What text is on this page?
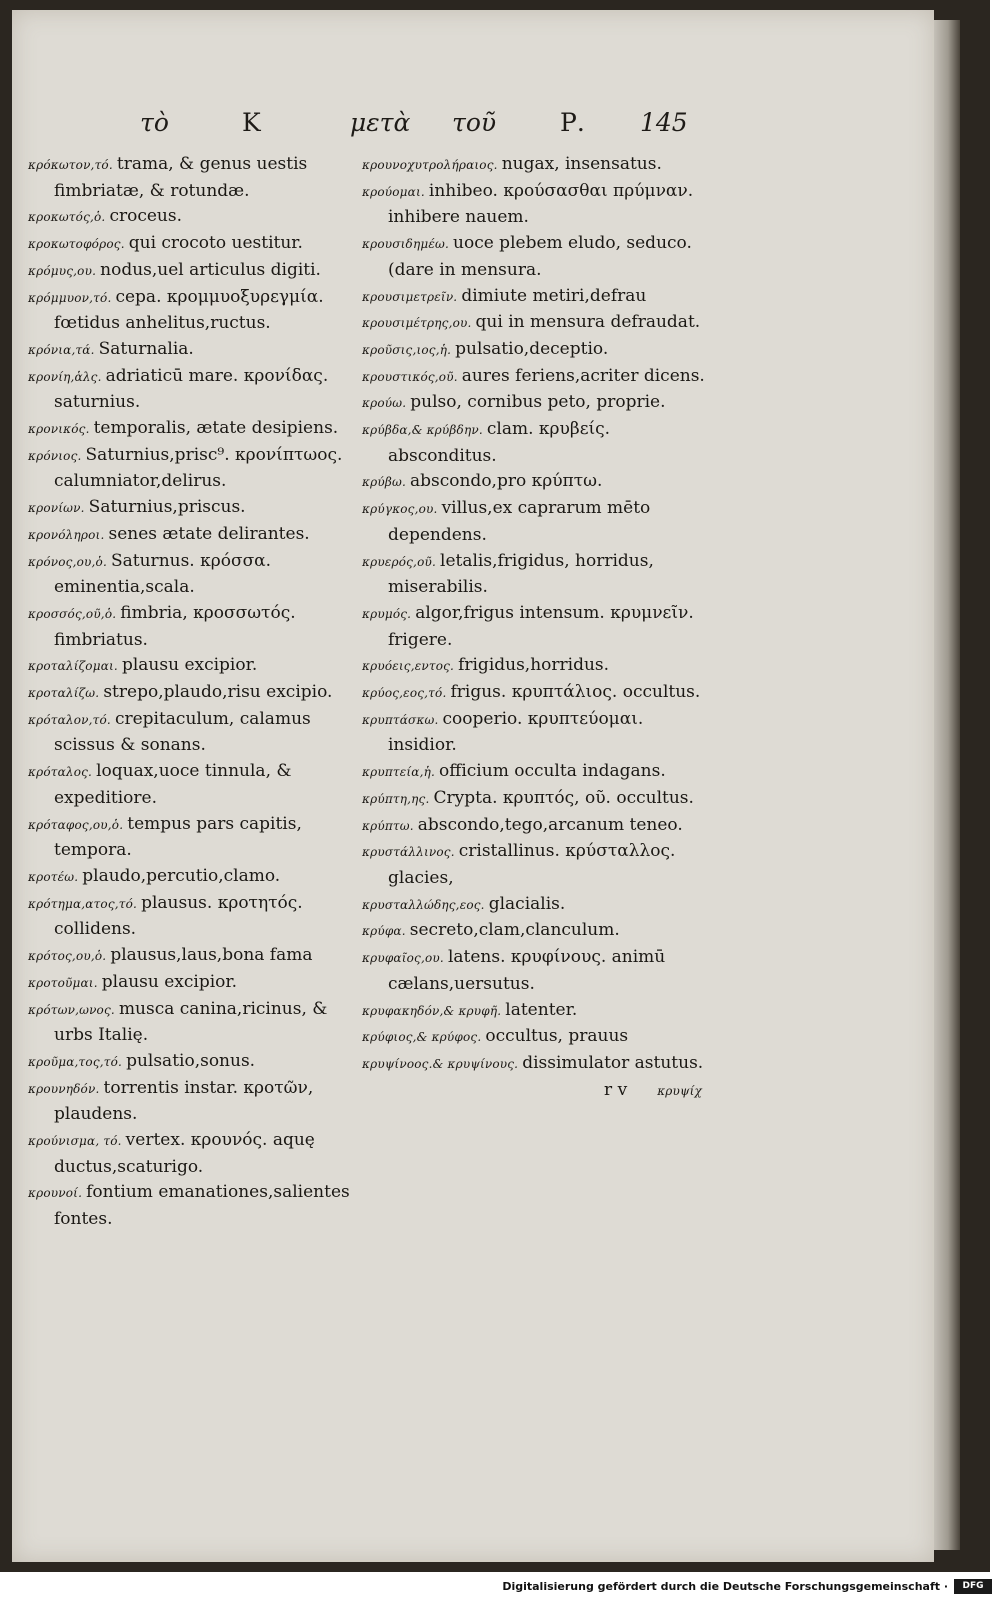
τὸ	Κ	μετὰ τοῦ	Ρ. 145

κρόκωτον,τό. trama, & genus uestis fimbriatæ, & rotundæ.

κροκωτός,ὁ. croceus.

κροκωτοφόρος. qui crocoto uestitur.

κρόμυς,ου. nodus,uel articulus digiti.

κρόμμυον,τό. cepa. κρομμυοξυρεγμία. fœtidus anhelitus,ructus.

κρόνια,τά. Saturnalia.

κρονίη,ἁλς. adriaticū mare. κρονίδας. saturnius.

κρονικός. temporalis, ætate desipiens.

κρόνιος. Saturnius,prisc⁹. κρονίπτωος. calumniator,delirus.

κρονίων. Saturnius,priscus.

κρονόληροι. senes ætate delirantes.

κρόνος,ου,ὁ. Saturnus. κρόσσα. eminentia,scala.

κροσσός,οῦ,ὁ. fimbria, κροσσωτός. fimbriatus.

κροταλίζομαι. plausu excipior.

κροταλίζω. strepo,plaudo,risu excipio.

κρόταλον,τό. crepitaculum, calamus scissus & sonans.

κρόταλος. loquax,uoce tinnula, & expeditiore.

κρόταφος,ου,ὁ. tempus pars capitis, tempora.

κροτέω. plaudo,percutio,clamo.

κρότημα,ατος,τό. plausus. κροτητός. collidens.

κρότος,ου,ὁ. plausus,laus,bona fama

κροτοῦμαι. plausu excipior.

κρότων,ωνος. musca canina,ricinus, & urbs Italię.

κροῦμα,τος,τό. pulsatio,sonus.

κρουνηδόν. torrentis instar. κροτῶν, plaudens.

κρούνισμα, τό. vertex. κρουνός. aquę ductus,scaturigo.

κρουνοί. fontium emanationes,salientes fontes.

κρουνοχυτρολήραιος. nugax, insensatus.

κρούομαι. inhibeo. κρούσασθαι πρύμναν. inhibere nauem.

κρουσιδημέω. uoce plebem eludo, seduco. (dare in mensura.

κρουσιμετρεῖν. dimiute metiri,defrau

κρουσιμέτρης,ου. qui in mensura defraudat.

κροῦσις,ιος,ἡ. pulsatio,deceptio.

κρουστικός,οῦ. aures feriens,acriter dicens.

κρούω. pulso, cornibus peto, proprie.

κρύβδα,& κρύβδην. clam. κρυβείς. absconditus.

κρύβω. abscondo,pro κρύπτω.

κρύγκος,ου. villus,ex caprarum mēto dependens.

κρυερός,οῦ. letalis,frigidus, horridus, miserabilis.

κρυμός. algor,frigus intensum. κρυμνεῖν. frigere.

κρυόεις,εντος. frigidus,horridus.

κρύος,εος,τό. frigus. κρυπτάλιος. occultus.

κρυπτάσκω. cooperio. κρυπτεύομαι. insidior.

κρυπτεία,ἡ. officium occulta indagans.

κρύπτη,ης. Crypta. κρυπτός, οῦ. occultus.

κρύπτω. abscondo,tego,arcanum teneo.

κρυστάλλινος. cristallinus. κρύσταλλος. glacies,

κρυσταλλώδης,εος. glacialis.

κρύφα. secreto,clam,clanculum.

κρυφαῖος,ου. latens. κρυφίνους. animū cælans,uersutus.

κρυφακηδόν,& κρυφῆ. latenter.

κρύφιος,& κρύφος. occultus, prauus

κρυψίνοος.& κρυψίνους. dissimulator astutus.

r v	κρυψίχ

Digitalisierung gefördert durch die Deutsche Forschungsgemeinschaft ·	DFG
